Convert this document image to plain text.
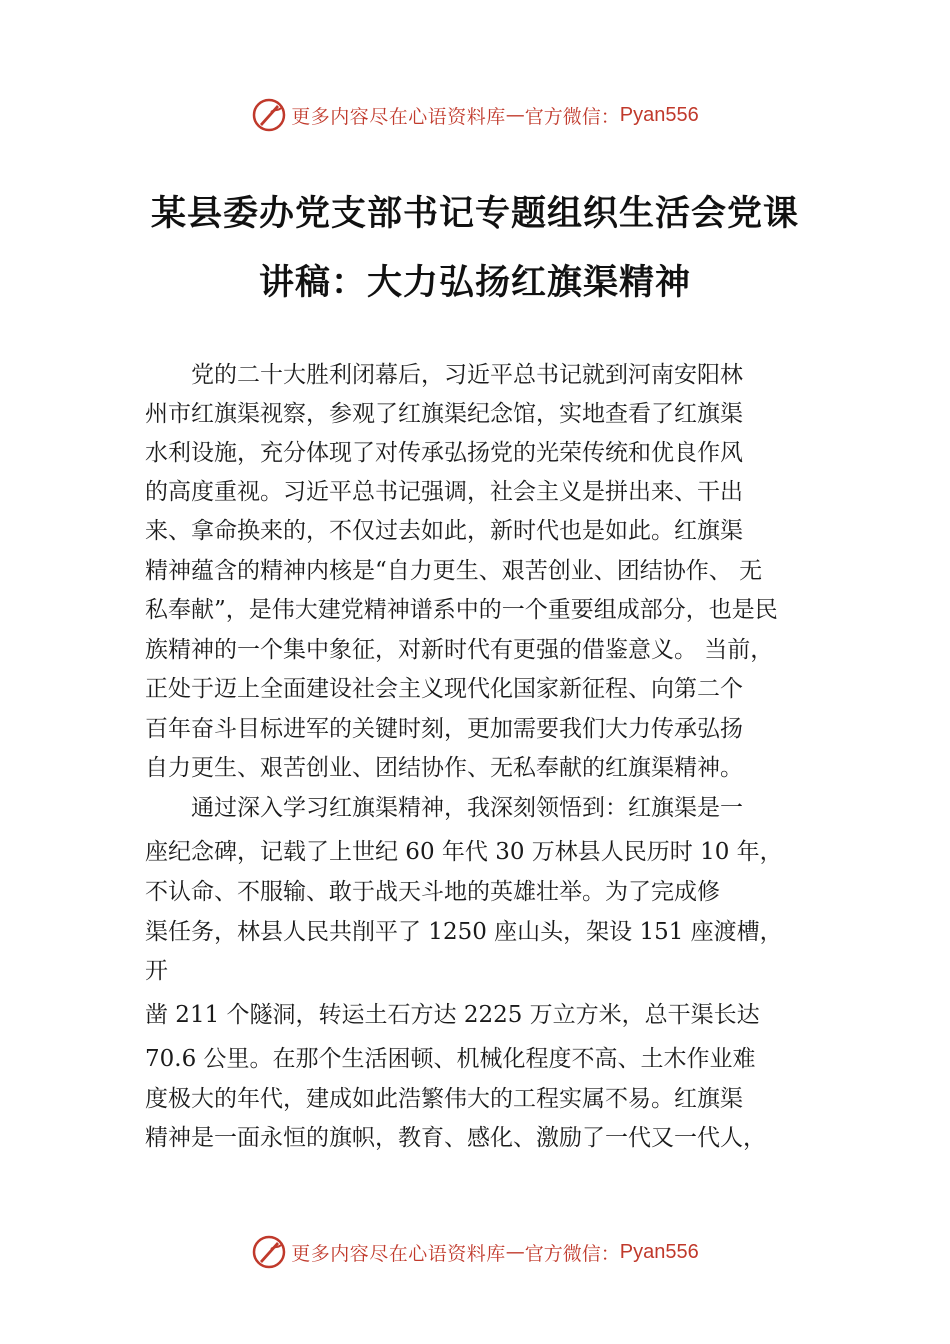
更多内容尽在心语资料库 — 官方微信： Pyan556
某县委办党支部书记专题组织生活会党课
讲稿：大力弘扬红旗渠精神
　　党的二十大胜利闭幕后，习近平总书记就到河南安阳林
州市红旗渠视察，参观了红旗渠纪念馆，实地查看了红旗渠
水利设施，充分体现了对传承弘扬党的光荣传统和优良作风
的高度重视。习近平总书记强调，社会主义是拼出来、干出
来、拿命换来的，不仅过去如此，新时代也是如此。红旗渠
精神蕴含的精神内核是“自力更生、艰苦创业、团结协作、 无
私奉献”，是伟大建党精神谱系中的一个重要组成部分，也是民
族精神的一个集中象征，对新时代有更强的借鉴意义。 当前，
正处于迈上全面建设社会主义现代化国家新征程、向第二个
百年奋斗目标进军的关键时刻，更加需要我们大力传承弘扬
自力更生、艰苦创业、团结协作、无私奉献的红旗渠精神。
　　通过深入学习红旗渠精神，我深刻领悟到：红旗渠是一
座纪念碑，记载了上世纪 60 年代 30 万林县人民历时 10 年，
不认命、不服输、敢于战天斗地的英雄壮举。为了完成修
渠任务，林县人民共削平了 1250 座山头，架设 151 座渡槽，
开
凿 211 个隧洞，转运土石方达 2225 万立方米，总干渠长达
70.6 公里。在那个生活困顿、机械化程度不高、土木作业难
度极大的年代，建成如此浩繁伟大的工程实属不易。红旗渠
精神是一面永恒的旗帜，教育、感化、激励了一代又一代人，
更多内容尽在心语资料库 — 官方微信： Pyan556
